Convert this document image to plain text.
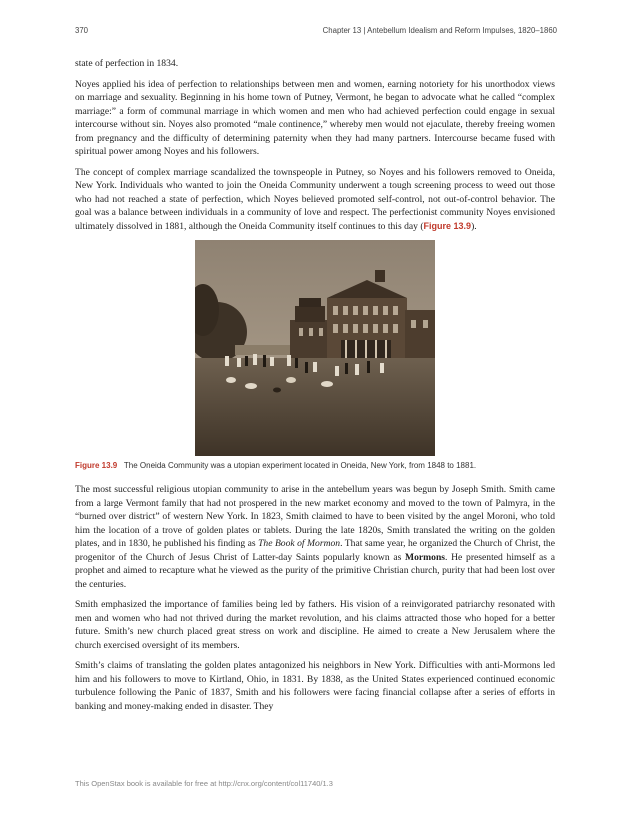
370	Chapter 13 | Antebellum Idealism and Reform Impulses, 1820–1860

state of perfection in 1834.

Noyes applied his idea of perfection to relationships between men and women, earning notoriety for his unorthodox views on marriage and sexuality. Beginning in his home town of Putney, Vermont, he began to advocate what he called “complex marriage:” a form of communal marriage in which women and men who had achieved perfection could engage in sexual intercourse without sin. Noyes also promoted “male continence,” whereby men would not ejaculate, thereby freeing women from pregnancy and the difficulty of determining paternity when they had many partners. Intercourse became fused with spiritual power among Noyes and his followers.

The concept of complex marriage scandalized the townspeople in Putney, so Noyes and his followers removed to Oneida, New York. Individuals who wanted to join the Oneida Community underwent a tough screening process to weed out those who had not reached a state of perfection, which Noyes believed promoted self-control, not out-of-control behavior. The goal was a balance between individuals in a community of love and respect. The perfectionist community Noyes envisioned ultimately dissolved in 1881, although the Oneida Community itself continues to this day (Figure 13.9).

Figure 13.9 The Oneida Community was a utopian experiment located in Oneida, New York, from 1848 to 1881.

The most successful religious utopian community to arise in the antebellum years was begun by Joseph Smith. Smith came from a large Vermont family that had not prospered in the new market economy and moved to the town of Palmyra, in the “burned over district” of western New York. In 1823, Smith claimed to have to been visited by the angel Moroni, who told him the location of a trove of golden plates or tablets. During the late 1820s, Smith translated the writing on the golden plates, and in 1830, he published his finding as The Book of Mormon. That same year, he organized the Church of Christ, the progenitor of the Church of Jesus Christ of Latter-day Saints popularly known as Mormons. He presented himself as a prophet and aimed to recapture what he viewed as the purity of the primitive Christian church, purity that had been lost over the centuries.

Smith emphasized the importance of families being led by fathers. His vision of a reinvigorated patriarchy resonated with men and women who had not thrived during the market revolution, and his claims attracted those who hoped for a better future. Smith’s new church placed great stress on work and discipline. He aimed to create a New Jerusalem where the church exercised oversight of its members.

Smith’s claims of translating the golden plates antagonized his neighbors in New York. Difficulties with anti-Mormons led him and his followers to move to Kirtland, Ohio, in 1831. By 1838, as the United States experienced continued economic turbulence following the Panic of 1837, Smith and his followers were facing financial collapse after a series of efforts in banking and money-making ended in disaster. They

This OpenStax book is available for free at http://cnx.org/content/col11740/1.3
